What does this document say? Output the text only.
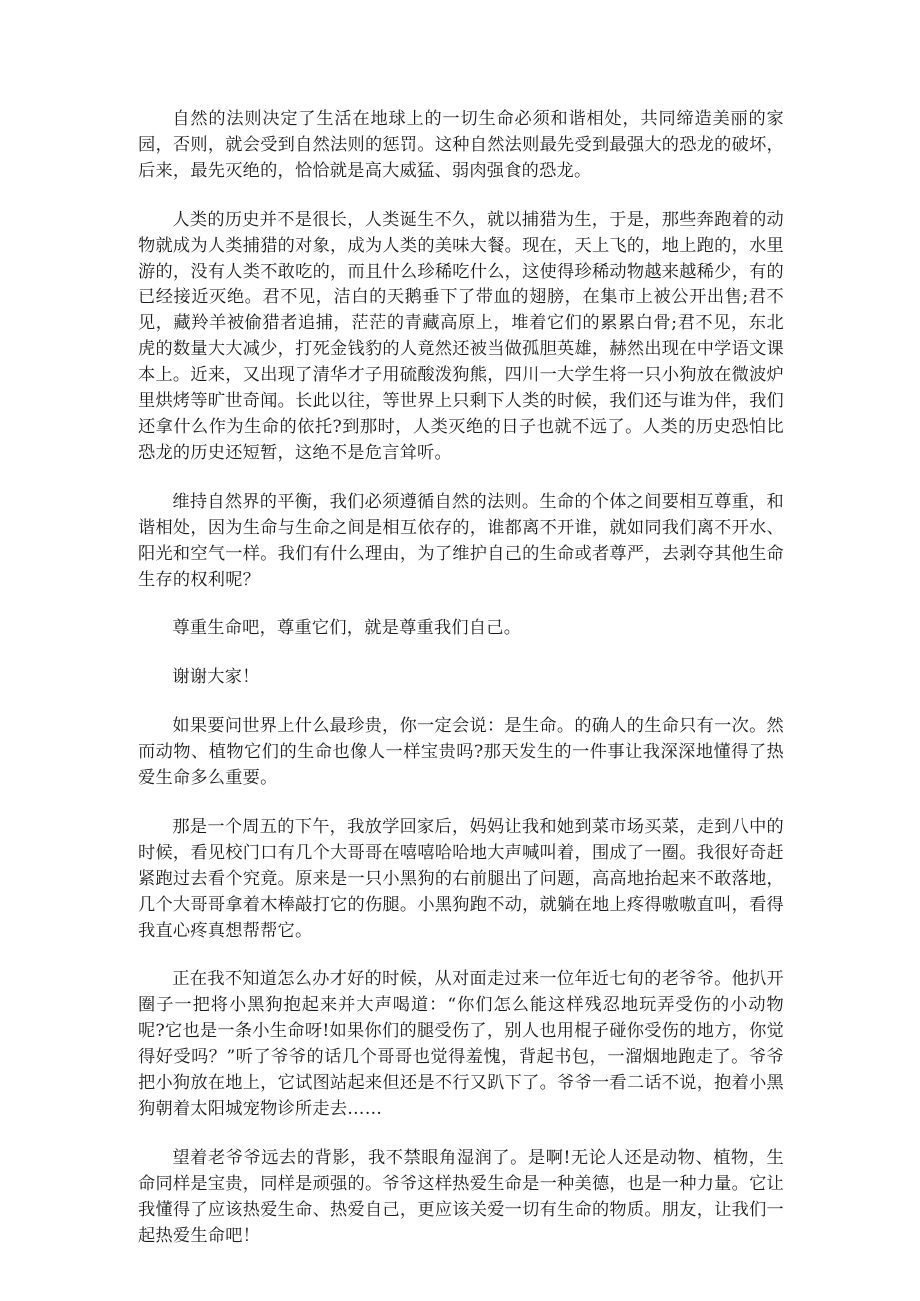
自然的法则决定了生活在地球上的一切生命必须和谐相处，共同缔造美丽的家园，否则，就会受到自然法则的惩罚。这种自然法则最先受到最强大的恐龙的破坏，后来，最先灭绝的，恰恰就是高大威猛、弱肉强食的恐龙。

人类的历史并不是很长，人类诞生不久，就以捕猎为生，于是，那些奔跑着的动物就成为人类捕猎的对象，成为人类的美味大餐。现在，天上飞的，地上跑的，水里游的，没有人类不敢吃的，而且什么珍稀吃什么，这使得珍稀动物越来越稀少，有的已经接近灭绝。君不见，洁白的天鹅垂下了带血的翅膀，在集市上被公开出售;君不见，藏羚羊被偷猎者追捕，茫茫的青藏高原上，堆着它们的累累白骨;君不见，东北虎的数量大大减少，打死金钱豹的人竟然还被当做孤胆英雄，赫然出现在中学语文课本上。近来，又出现了清华才子用硫酸泼狗熊，四川一大学生将一只小狗放在微波炉里烘烤等旷世奇闻。长此以往，等世界上只剩下人类的时候，我们还与谁为伴，我们还拿什么作为生命的依托?到那时，人类灭绝的日子也就不远了。人类的历史恐怕比恐龙的历史还短暂，这绝不是危言耸听。

维持自然界的平衡，我们必须遵循自然的法则。生命的个体之间要相互尊重，和谐相处，因为生命与生命之间是相互依存的，谁都离不开谁，就如同我们离不开水、阳光和空气一样。我们有什么理由，为了维护自己的生命或者尊严，去剥夺其他生命生存的权利呢？

尊重生命吧，尊重它们，就是尊重我们自己。

谢谢大家！

如果要问世界上什么最珍贵，你一定会说：是生命。的确人的生命只有一次。然而动物、植物它们的生命也像人一样宝贵吗?那天发生的一件事让我深深地懂得了热爱生命多么重要。

那是一个周五的下午，我放学回家后，妈妈让我和她到菜市场买菜，走到八中的时候，看见校门口有几个大哥哥在嘻嘻哈哈地大声喊叫着，围成了一圈。我很好奇赶紧跑过去看个究竟。原来是一只小黑狗的右前腿出了问题，高高地抬起来不敢落地，几个大哥哥拿着木棒敲打它的伤腿。小黑狗跑不动，就躺在地上疼得嗷嗷直叫，看得我直心疼真想帮帮它。

正在我不知道怎么办才好的时候，从对面走过来一位年近七旬的老爷爷。他扒开圈子一把将小黑狗抱起来并大声喝道：“你们怎么能这样残忍地玩弄受伤的小动物呢?它也是一条小生命呀!如果你们的腿受伤了，别人也用棍子碰你受伤的地方，你觉得好受吗？”听了爷爷的话几个哥哥也觉得羞愧，背起书包，一溜烟地跑走了。爷爷把小狗放在地上，它试图站起来但还是不行又趴下了。爷爷一看二话不说，抱着小黑狗朝着太阳城宠物诊所走去……

望着老爷爷远去的背影，我不禁眼角湿润了。是啊!无论人还是动物、植物，生命同样是宝贵，同样是顽强的。爷爷这样热爱生命是一种美德，也是一种力量。它让我懂得了应该热爱生命、热爱自己，更应该关爱一切有生命的物质。朋友，让我们一起热爱生命吧！
